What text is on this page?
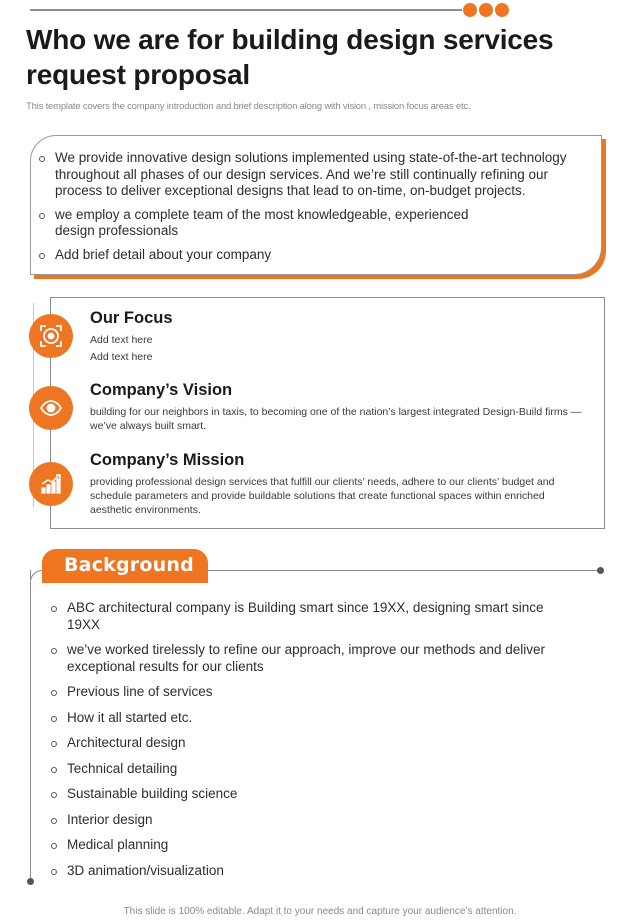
Who we are for building design services request proposal

This template covers the company introduction and brief description along with vision , mission focus areas etc.

We provide innovative design solutions implemented using state-of-the-art technology throughout all phases of our design services. And we’re still continually refining our process to deliver exceptional designs that lead to on-time, on-budget projects.
we employ a complete team of the most knowledgeable, experienced design professionals
Add brief detail about your company
Our Focus
Add text here
Add text here
Company’s Vision
building for our neighbors in taxis, to becoming one of the nation’s largest integrated Design-Build firms — we’ve always built smart.
Company’s Mission
providing professional design services that fulfill our clients’ needs, adhere to our clients’ budget and schedule parameters and provide buildable solutions that create functional spaces within enriched aesthetic environments.
Background
ABC architectural company is Building smart since 19XX, designing smart since 19XX
we’ve worked tirelessly to refine our approach, improve our methods and deliver exceptional results for our clients
Previous line of services
How it all started etc.
Architectural design
Technical detailing
Sustainable building science
Interior design
Medical planning
3D animation/visualization

This slide is 100% editable. Adapt it to your needs and capture your audience’s attention.
